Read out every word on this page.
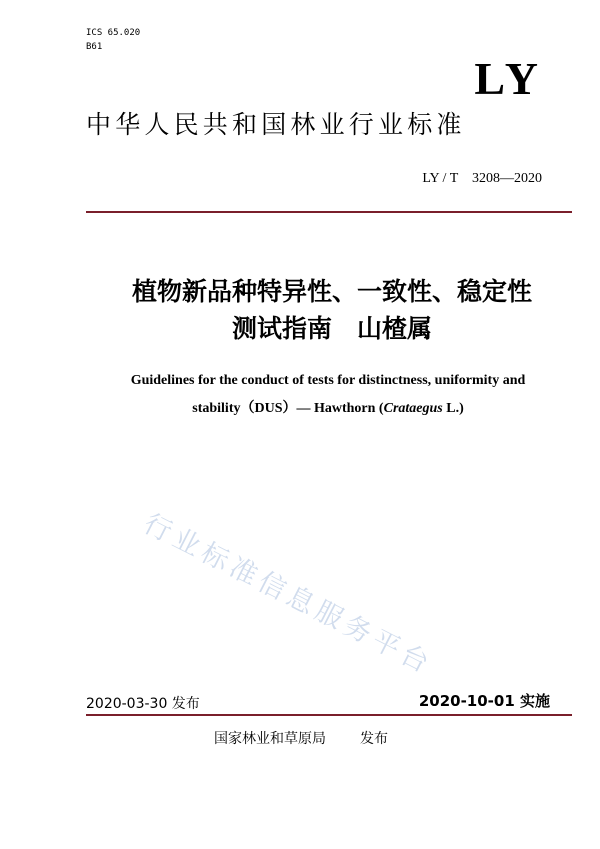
ICS 65.020
B61
LY
中华人民共和国林业行业标准
LY / T　3208—2020
植物新品种特异性、一致性、稳定性
测试指南　山楂属
Guidelines for the conduct of tests for distinctness, uniformity and
stability（DUS）— Hawthorn (Crataegus L.)
行业标准信息服务平台
2020-03-30 发布	2020-10-01 实施
国家林业和草原局 发布
